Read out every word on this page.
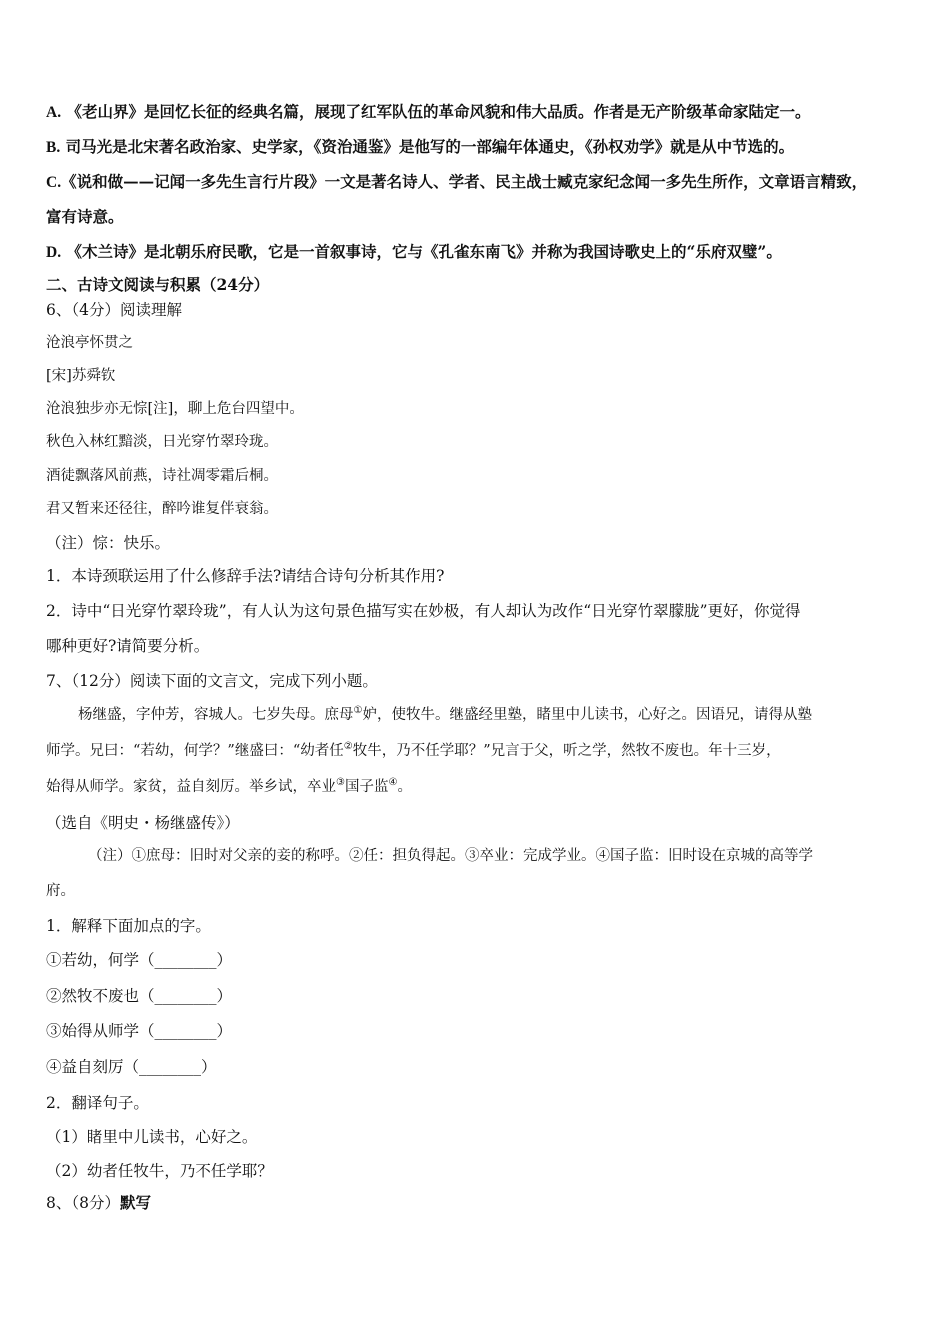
A. 《老山界》是回忆长征的经典名篇，展现了红军队伍的革命风貌和伟大品质。作者是无产阶级革命家陆定一。
B. 司马光是北宋著名政治家、史学家，《资治通鉴》是他写的一部编年体通史，《孙权劝学》就是从中节选的。
C.《说和做——记闻一多先生言行片段》一文是著名诗人、学者、民主战士臧克家纪念闻一多先生所作，文章语言精致，
富有诗意。
D. 《木兰诗》是北朝乐府民歌，它是一首叙事诗，它与《孔雀东南飞》并称为我国诗歌史上的“乐府双璧”。
二、古诗文阅读与积累（24分）
6、（4分）阅读理解
沧浪亭怀贯之
[宋]苏舜钦
沧浪独步亦无悰[注]，聊上危台四望中。
秋色入林红黯淡，日光穿竹翠玲珑。
酒徒飘落风前燕，诗社凋零霜后桐。
君又暂来还径往，醉吟谁复伴衰翁。
（注）悰：快乐。
1．本诗颈联运用了什么修辞手法?请结合诗句分析其作用?
2．诗中“日光穿竹翠玲珑”，有人认为这句景色描写实在妙极，有人却认为改作“日光穿竹翠朦胧”更好，你觉得
哪种更好?请简要分析。
7、（12分）阅读下面的文言文，完成下列小题。
杨继盛，字仲芳，容城人。七岁失母。庶母①妒，使牧牛。继盛经里塾，睹里中儿读书，心好之。因语兄，请得从塾
师学。兄曰：“若幼，何学？”继盛曰：“幼者任②牧牛，乃不任学耶？”兄言于父，听之学，然牧不废也。年十三岁，
始得从师学。家贫，益自刻厉。举乡试，卒业③国子监④。
（选自《明史・杨继盛传》）
（注）①庶母：旧时对父亲的妾的称呼。②任：担负得起。③卒业：完成学业。④国子监：旧时设在京城的高等学
府。
1．解释下面加点的字。
①若幼，何学（________）
②然牧不废也（________）
③始得从师学（________）
④益自刻厉（________）
2．翻译句子。
（1）睹里中儿读书，心好之。
（2）幼者任牧牛，乃不任学耶？
8、（8分）默写
